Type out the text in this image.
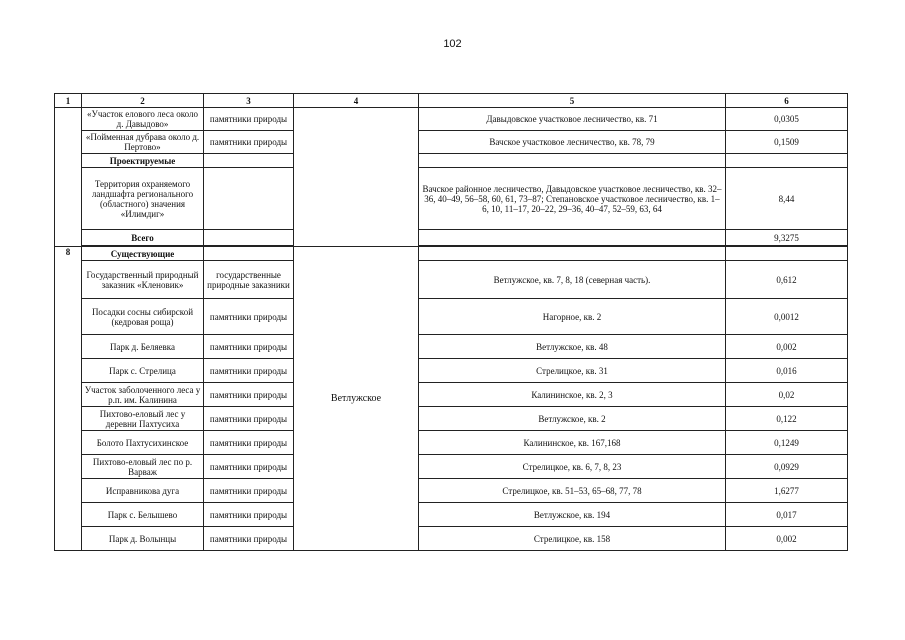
102
1	2	3	4	5	6
	«Участок елового леса около д. Давыдово»	памятники природы		Давыдовское участковое лесничество, кв. 71	0,0305
	«Пойменная дубрава около д. Пертово»	памятники природы		Вачское участковое лесничество, кв. 78, 79	0,1509
	Проектируемые				
	Территория охраняемого ландшафта регионального (областного) значения «Илимдиг»			Вачское районное лесничество, Давыдовское участковое лесничество, кв. 32–36, 40–49, 56–58, 60, 61, 73–87; Степановское участковое лесничество, кв. 1–6, 10, 11–17, 20–22, 29–36, 40–47, 52–59, 63, 64	8,44
	Всего				9,3275

8	Существующие		Ветлужское		
	Государственный природный заказник «Кленовик»	государственные природные заказники		Ветлужское, кв. 7, 8, 18 (северная часть).	0,612
	Посадки сосны сибирской (кедровая роща)	памятники природы		Нагорное, кв. 2	0,0012
	Парк д. Беляевка	памятники природы		Ветлужское, кв. 48	0,002
	Парк с. Стрелица	памятники природы		Стрелицкое, кв. 31	0,016
	Участок заболоченного леса у р.п. им. Калинина	памятники природы		Калининское, кв. 2, 3	0,02
	Пихтово-еловый лес у деревни Пахтусиха	памятники природы		Ветлужское, кв. 2	0,122
	Болото Пахтусихинское	памятники природы		Калининское, кв. 167,168	0,1249
	Пихтово-еловый лес по р. Варваж	памятники природы		Стрелицкое, кв. 6, 7, 8, 23	0,0929
	Исправникова дуга	памятники природы		Стрелицкое, кв. 51–53, 65–68, 77, 78	1,6277
	Парк с. Белышево	памятники природы		Ветлужское, кв. 194	0,017
	Парк д. Волынцы	памятники природы		Стрелицкое, кв. 158	0,002
